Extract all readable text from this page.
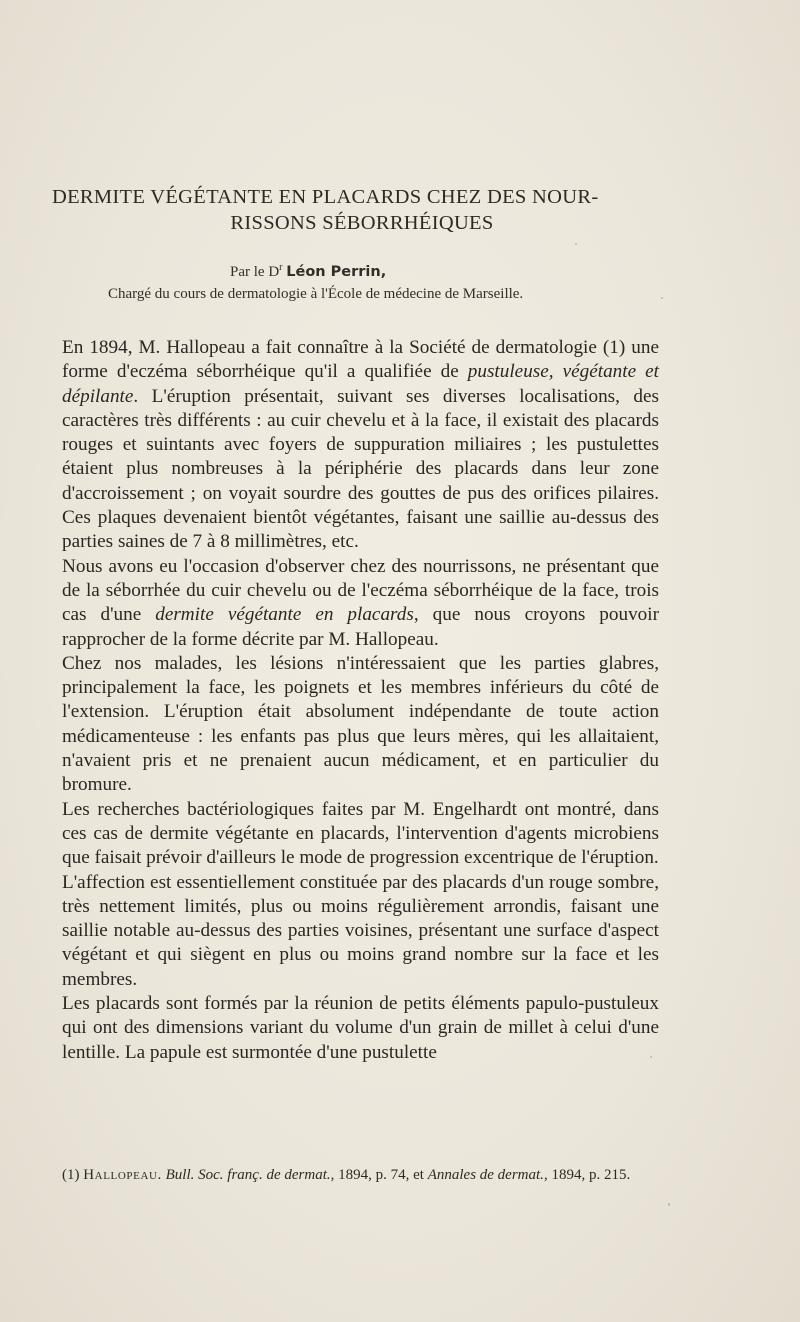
DERMITE VÉGÉTANTE EN PLACARDS CHEZ DES NOUR-
RISSONS SÉBORRHÉIQUES
Par le $D^r$ Léon Perrin,
Chargé du cours de dermatologie à l'École de médecine de Marseille.

En 1894, M. Hallopeau a fait connaître à la Société de dermatologie (1) une forme d'eczéma séborrhéique qu'il a qualifiée de pustuleuse, végétante et dépilante. L'éruption présentait, suivant ses diverses localisations, des caractères très différents : au cuir chevelu et à la face, il existait des placards rouges et suintants avec foyers de suppuration miliaires ; les pustulettes étaient plus nombreuses à la périphérie des placards dans leur zone d'accroissement ; on voyait sourdre des gouttes de pus des orifices pilaires. Ces plaques devenaient bientôt végétantes, faisant une saillie au-dessus des parties saines de 7 à 8 millimètres, etc.

Nous avons eu l'occasion d'observer chez des nourrissons, ne présentant que de la séborrhée du cuir chevelu ou de l'eczéma séborrhéique de la face, trois cas d'une dermite végétante en placards, que nous croyons pouvoir rapprocher de la forme décrite par M. Hallopeau.

Chez nos malades, les lésions n'intéressaient que les parties glabres, principalement la face, les poignets et les membres inférieurs du côté de l'extension. L'éruption était absolument indépendante de toute action médicamenteuse : les enfants pas plus que leurs mères, qui les allaitaient, n'avaient pris et ne prenaient aucun médicament, et en particulier du bromure.

Les recherches bactériologiques faites par M. Engelhardt ont montré, dans ces cas de dermite végétante en placards, l'intervention d'agents microbiens que faisait prévoir d'ailleurs le mode de progression excentrique de l'éruption.

L'affection est essentiellement constituée par des placards d'un rouge sombre, très nettement limités, plus ou moins régulièrement arrondis, faisant une saillie notable au-dessus des parties voisines, présentant une surface d'aspect végétant et qui siègent en plus ou moins grand nombre sur la face et les membres.

Les placards sont formés par la réunion de petits éléments papulo-pustuleux qui ont des dimensions variant du volume d'un grain de millet à celui d'une lentille. La papule est surmontée d'une pustulette

(1) Hallopeau. Bull. Soc. franç. de dermat., 1894, p. 74, et Annales de dermat., 1894, p. 215.
